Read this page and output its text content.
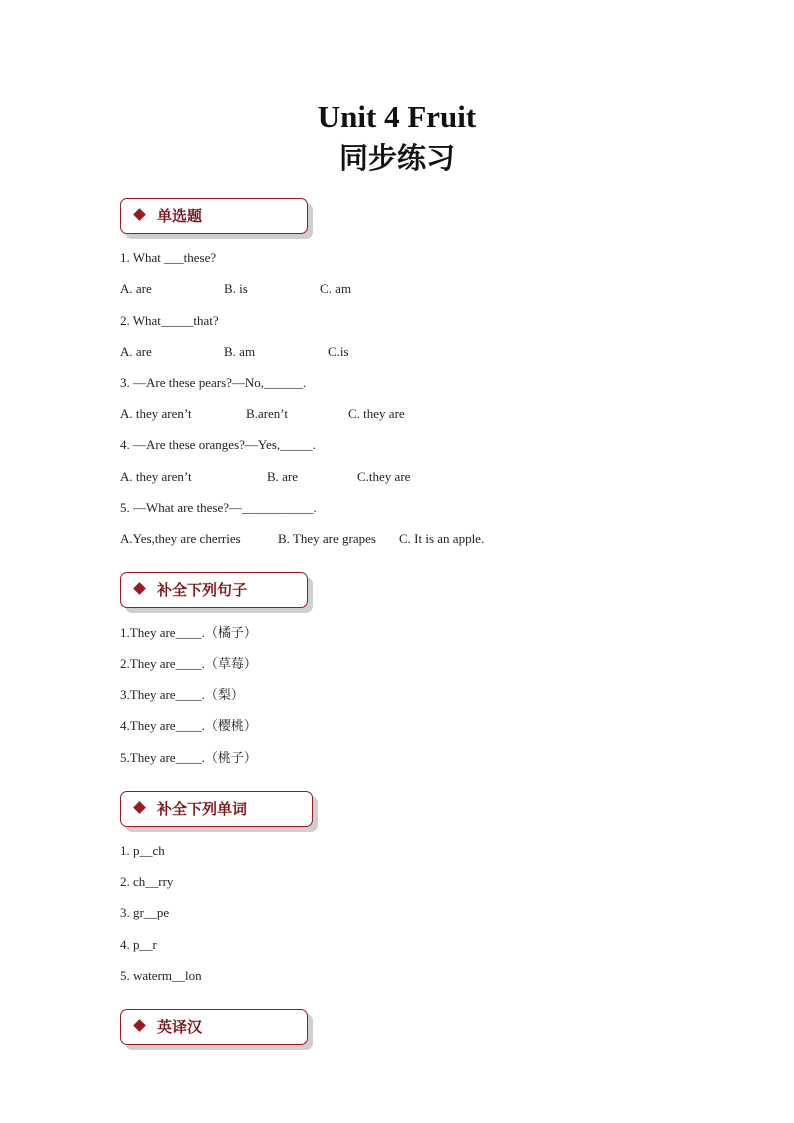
Unit 4 Fruit
同步练习
单选题
1. What ___these?
A. are	B. is	C. am
2. What_____that?
A. are	B. am	C.is
3. —Are these pears?—No,______.
A. they aren’t	B.aren’t	C. they are
4. —Are these oranges?—Yes,_____.
A. they aren’t	B. are	C.they are
5. —What are these?—___________.
A.Yes,they are cherries	B. They are grapes C. It is an apple.
补全下列句子
1.They are____.（橘子）
2.They are____.（草莓）
3.They are____.（梨）
4.They are____.（樱桃）
5.They are____.（桃子）
补全下列单词
1. p__ch
2. ch__rry
3. gr__pe
4. p__r
5. waterm__lon
英译汉
